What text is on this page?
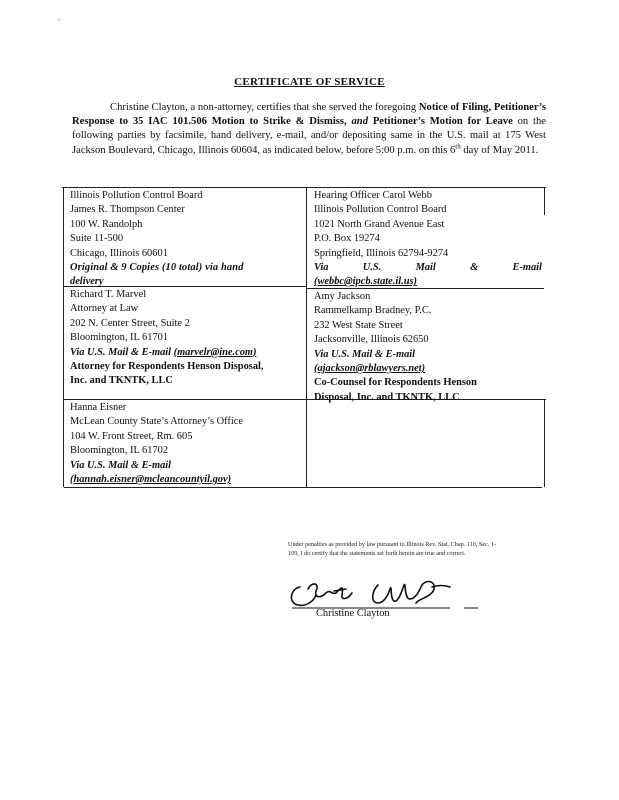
`
CERTIFICATE OF SERVICE
Christine Clayton, a non-attorney, certifies that she served the foregoing Notice of Filing, Petitioner’s Response to 35 IAC 101.506 Motion to Strike & Dismiss, and Petitioner’s Motion for Leave on the following parties by facsimile, hand delivery, e-mail, and/or depositing same in the U.S. mail at 175 West Jackson Boulevard, Chicago, Illinois 60604, as indicated below, before 5:00 p.m. on this 6th day of May 2011.
Illinois Pollution Control Board
James R. Thompson Center
100 W. Randolph
Suite 11-500
Chicago, Illinois 60601
Original & 9 Copies (10 total) via hand
delivery
Hearing Officer Carol Webb
Illinois Pollution Control Board
1021 North Grand Avenue East
P.O. Box 19274
Springfield, Illinois 62794-9274
Via	U.S.	Mail	&	E-mail
(webbc@ipcb.state.il.us)
Richard T. Marvel
Attorney at Law
202 N. Center Street, Suite 2
Bloomington, IL 61701
Via U.S. Mail & E-mail (marvelr@ine.com)
Attorney for Respondents Henson Disposal,
Inc. and TKNTK, LLC
Amy Jackson
Rammelkamp Bradney, P.C.
232 West State Street
Jacksonville, Illinois 62650
Via U.S. Mail & E-mail
(ajackson@rblawyers.net)
Co-Counsel for Respondents Henson
Disposal, Inc. and TKNTK, LLC
Hanna Eisner
McLean County State’s Attorney’s Office
104 W. Front Street, Rm. 605
Bloomington, IL 61702
Via U.S. Mail & E-mail
(hannah.eisner@mcleancountyil.gov)
Under penalties as provided by law pursuant to Illinois Rev. Stat. Chap. 110, Sec. 1-109, I do certify that the statements set forth herein are true and correct.
Christine Clayton
